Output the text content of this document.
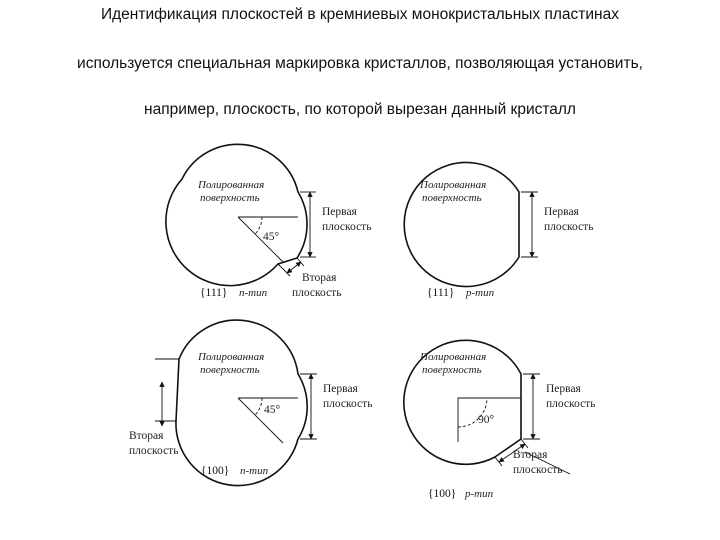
Идентификация плоскостей в кремниевых монокристальных пластинах
используется специальная маркировка кристаллов, позволяющая установить,
например, плоскость, по которой вырезан данный кристалл
45°
Полированная
поверхность
Первая
плоскость
Вторая
плоскость
{111} n-тип
Полированная
поверхность
Первая
плоскость
{111} p-тип
45°
Полированная
поверхность
Первая
плоскость
Вторая
плоскость
{100} n-тип
90°
Полированная
поверхность
Первая
плоскость
Вторая
плоскость
{100} p-тип
